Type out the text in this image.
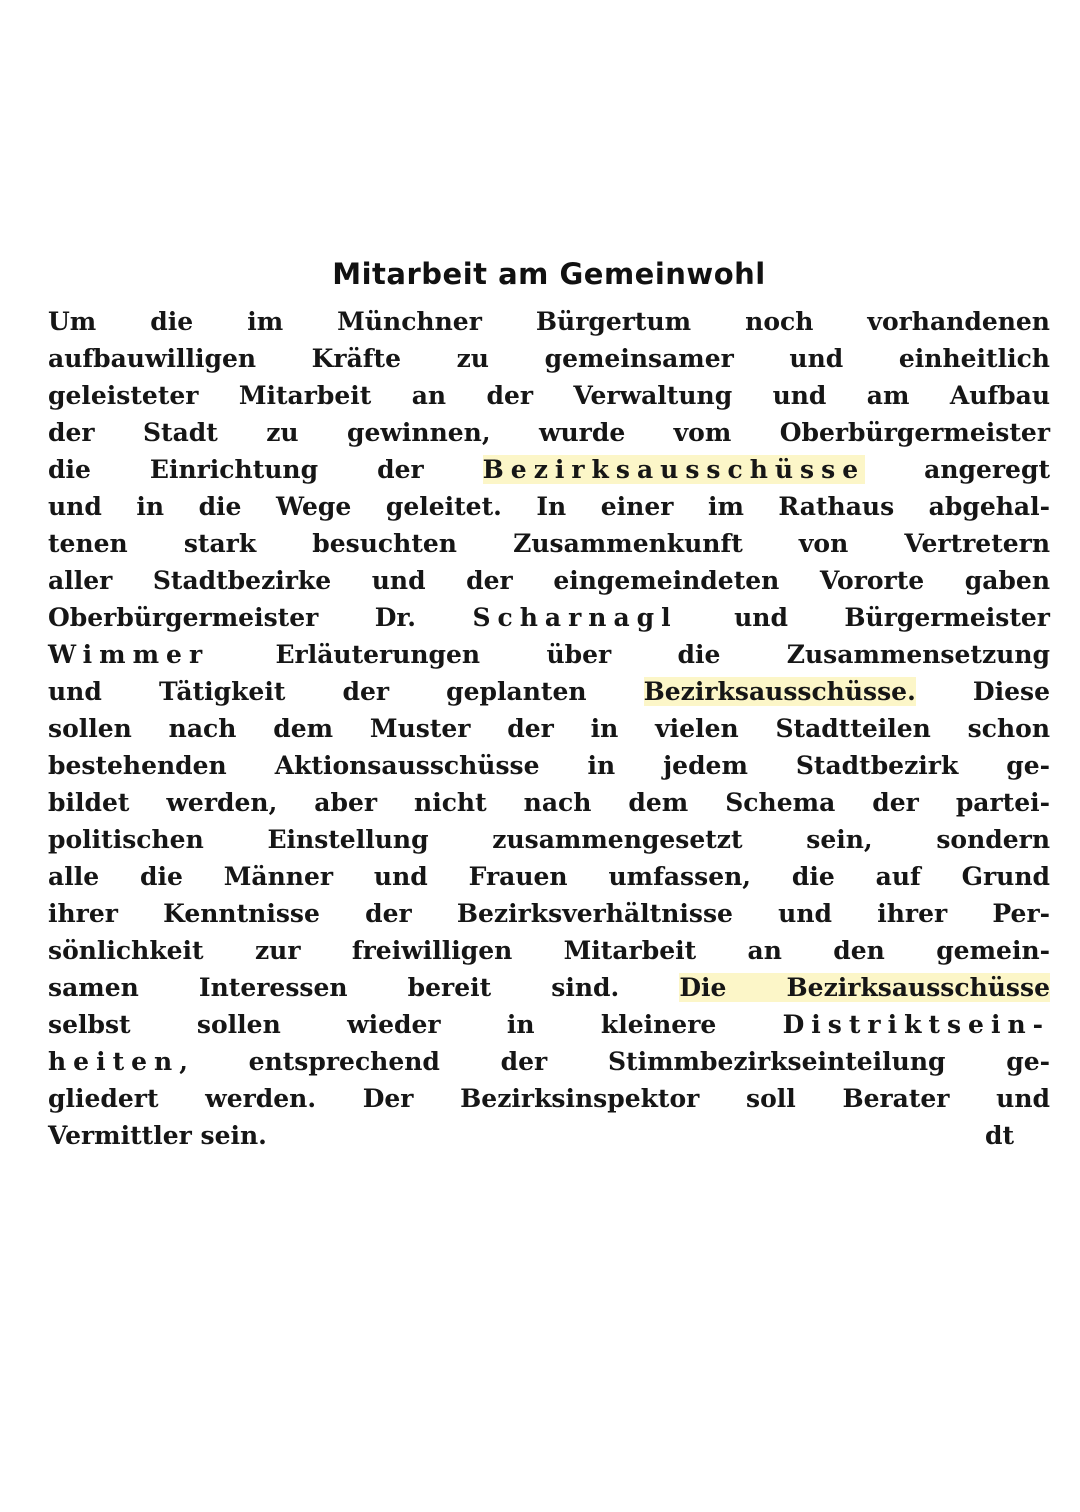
Mitarbeit am Gemeinwohl
Um die im Münchner Bürgertum noch vorhandenen
aufbauwilligen Kräfte zu gemeinsamer und einheitlich
geleisteter Mitarbeit an der Verwaltung und am Aufbau
der Stadt zu gewinnen, wurde vom Oberbürgermeister
die Einrichtung der Bezirksausschüsse angeregt
und in die Wege geleitet. In einer im Rathaus abgehal-
tenen stark besuchten Zusammenkunft von Vertretern
aller Stadtbezirke und der eingemeindeten Vororte gaben
Oberbürgermeister Dr. Scharnagl und Bürgermeister
Wimmer Erläuterungen über die Zusammensetzung
und Tätigkeit der geplanten Bezirksausschüsse. Diese
sollen nach dem Muster der in vielen Stadtteilen schon
bestehenden Aktionsausschüsse in jedem Stadtbezirk ge-
bildet werden, aber nicht nach dem Schema der partei-
politischen Einstellung zusammengesetzt sein, sondern
alle die Männer und Frauen umfassen, die auf Grund
ihrer Kenntnisse der Bezirksverhältnisse und ihrer Per-
sönlichkeit zur freiwilligen Mitarbeit an den gemein-
samen Interessen bereit sind. Die Bezirksausschüsse
selbst sollen wieder in kleinere Distriktsein-
heiten, entsprechend der Stimmbezirkseinteilung ge-
gliedert werden. Der Bezirksinspektor soll Berater und
Vermittler sein.	dt
